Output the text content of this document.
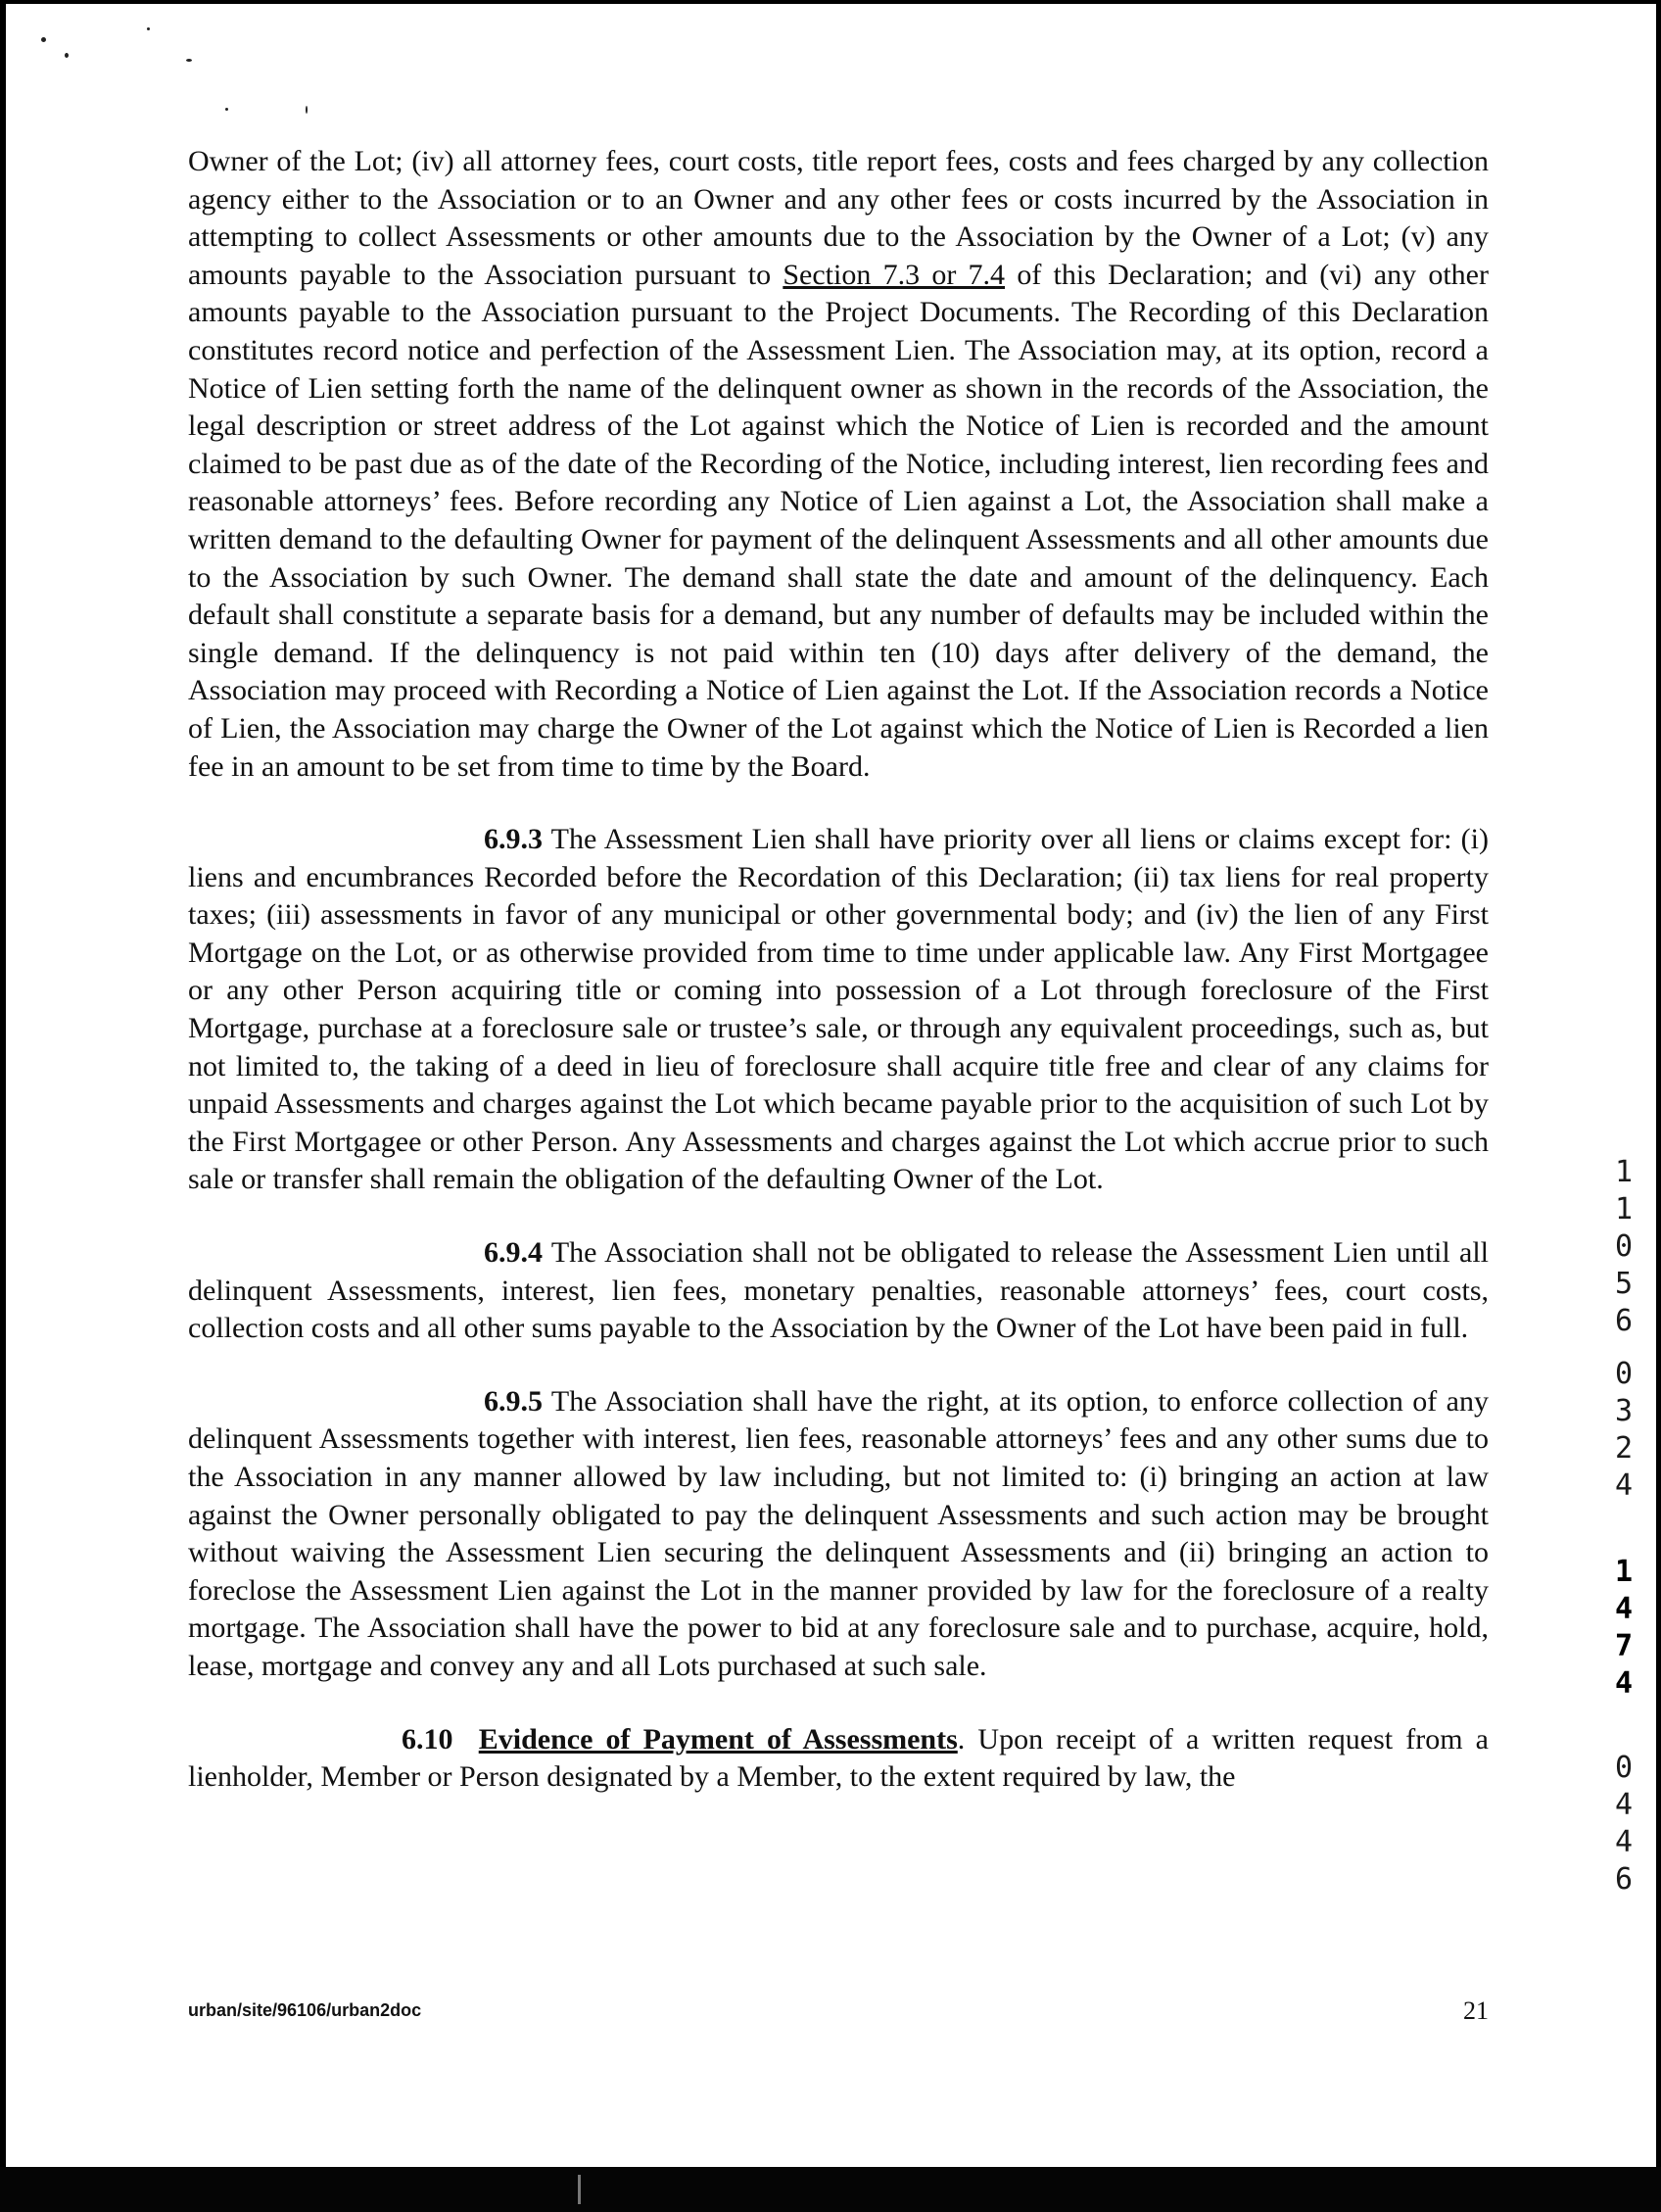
Owner of the Lot; (iv) all attorney fees, court costs, title report fees, costs and fees charged by any collection agency either to the Association or to an Owner and any other fees or costs incurred by the Association in attempting to collect Assessments or other amounts due to the Association by the Owner of a Lot; (v) any amounts payable to the Association pursuant to Section 7.3 or 7.4 of this Declaration; and (vi) any other amounts payable to the Association pursuant to the Project Documents. The Recording of this Declaration constitutes record notice and perfection of the Assessment Lien. The Association may, at its option, record a Notice of Lien setting forth the name of the delinquent owner as shown in the records of the Association, the legal description or street address of the Lot against which the Notice of Lien is recorded and the amount claimed to be past due as of the date of the Recording of the Notice, including interest, lien recording fees and reasonable attorneys’ fees. Before recording any Notice of Lien against a Lot, the Association shall make a written demand to the defaulting Owner for payment of the delinquent Assessments and all other amounts due to the Association by such Owner. The demand shall state the date and amount of the delinquency. Each default shall constitute a separate basis for a demand, but any number of defaults may be included within the single demand. If the delinquency is not paid within ten (10) days after delivery of the demand, the Association may proceed with Recording a Notice of Lien against the Lot. If the Association records a Notice of Lien, the Association may charge the Owner of the Lot against which the Notice of Lien is Recorded a lien fee in an amount to be set from time to time by the Board.

6.9.3 The Assessment Lien shall have priority over all liens or claims except for: (i) liens and encumbrances Recorded before the Recordation of this Declaration; (ii) tax liens for real property taxes; (iii) assessments in favor of any municipal or other governmental body; and (iv) the lien of any First Mortgage on the Lot, or as otherwise provided from time to time under applicable law. Any First Mortgagee or any other Person acquiring title or coming into possession of a Lot through foreclosure of the First Mortgage, purchase at a foreclosure sale or trustee’s sale, or through any equivalent proceedings, such as, but not limited to, the taking of a deed in lieu of foreclosure shall acquire title free and clear of any claims for unpaid Assessments and charges against the Lot which became payable prior to the acquisition of such Lot by the First Mortgagee or other Person. Any Assessments and charges against the Lot which accrue prior to such sale or transfer shall remain the obligation of the defaulting Owner of the Lot.

6.9.4 The Association shall not be obligated to release the Assessment Lien until all delinquent Assessments, interest, lien fees, monetary penalties, reasonable attorneys’ fees, court costs, collection costs and all other sums payable to the Association by the Owner of the Lot have been paid in full.

6.9.5 The Association shall have the right, at its option, to enforce collection of any delinquent Assessments together with interest, lien fees, reasonable attorneys’ fees and any other sums due to the Association in any manner allowed by law including, but not limited to: (i) bringing an action at law against the Owner personally obligated to pay the delinquent Assessments and such action may be brought without waiving the Assessment Lien securing the delinquent Assessments and (ii) bringing an action to foreclose the Assessment Lien against the Lot in the manner provided by law for the foreclosure of a realty mortgage. The Association shall have the power to bid at any foreclosure sale and to purchase, acquire, hold, lease, mortgage and convey any and all Lots purchased at such sale.

6.10 Evidence of Payment of Assessments. Upon receipt of a written request from a lienholder, Member or Person designated by a Member, to the extent required by law, the

urban/site/96106/urban2doc	21
1
1
0
5
6
0
3
2
4
1
4
7
4
0
4
4
6
